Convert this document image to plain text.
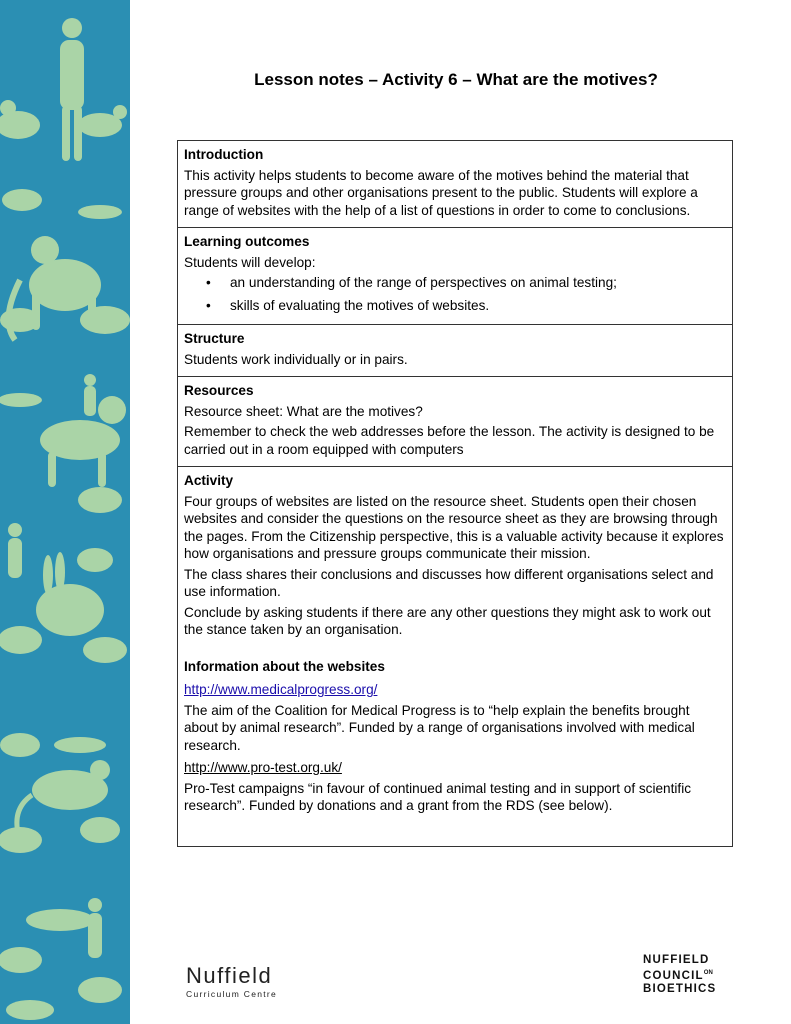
Lesson notes – Activity 6 – What are the motives?
Introduction
This activity helps students to become aware of the motives behind the material that pressure groups and other organisations present to the public. Students will explore a range of websites with the help of a list of questions in order to come to conclusions.
Learning outcomes
Students will develop:
• an understanding of the range of perspectives on animal testing;
• skills of evaluating the motives of websites.
Structure
Students work individually or in pairs.
Resources
Resource sheet: What are the motives?
Remember to check the web addresses before the lesson. The activity is designed to be carried out in a room equipped with computers
Activity
Four groups of websites are listed on the resource sheet. Students open their chosen websites and consider the questions on the resource sheet as they are browsing through the pages. From the Citizenship perspective, this is a valuable activity because it explores how organisations and pressure groups communicate their mission.
The class shares their conclusions and discusses how different organisations select and use information.
Conclude by asking students if there are any other questions they might ask to work out the stance taken by an organisation.
Information about the websites
http://www.medicalprogress.org/
The aim of the Coalition for Medical Progress is to “help explain the benefits brought about by animal research”. Funded by a range of organisations involved with medical research.
http://www.pro-test.org.uk/
Pro-Test campaigns “in favour of continued animal testing and in support of scientific research”. Funded by donations and a grant from the RDS (see below).
Nuffield
Curriculum Centre
NUFFIELD
$COUNCIL^{ON}$
BIOETHICS
